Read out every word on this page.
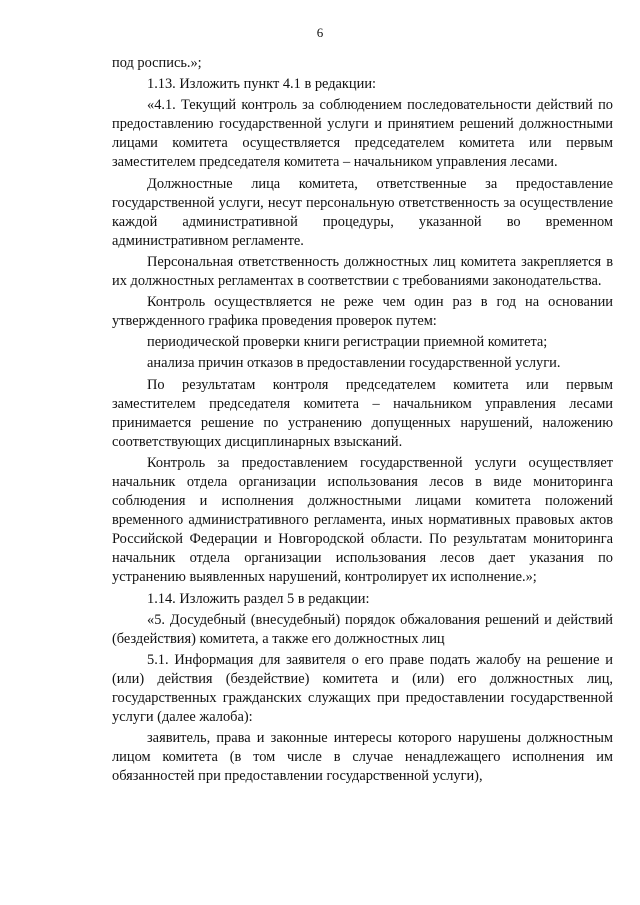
6

под роспись.»;

1.13. Изложить пункт 4.1 в редакции:

«4.1. Текущий контроль за соблюдением последовательности действий по предоставлению государственной услуги и принятием решений должностными лицами комитета осуществляется председателем комитета или первым заместителем председателя комитета – начальником управления лесами.

Должностные лица комитета, ответственные за предоставление государственной услуги, несут персональную ответственность за осуществление каждой административной процедуры, указанной во временном административном регламенте.

Персональная ответственность должностных лиц комитета закрепляется в их должностных регламентах в соответствии с требованиями законодательства.

Контроль осуществляется не реже чем один раз в год на основании утвержденного графика проведения проверок путем:

периодической проверки книги регистрации приемной комитета;

анализа причин отказов в предоставлении государственной услуги.

По результатам контроля председателем комитета или первым заместителем председателя комитета – начальником управления лесами принимается решение по устранению допущенных нарушений, наложению соответствующих дисциплинарных взысканий.

Контроль за предоставлением государственной услуги осуществляет начальник отдела организации использования лесов в виде мониторинга соблюдения и исполнения должностными лицами комитета положений временного административного регламента, иных нормативных правовых актов Российской Федерации и Новгородской области. По результатам мониторинга начальник отдела организации использования лесов дает указания по устранению выявленных нарушений, контролирует их исполнение.»;

1.14. Изложить раздел 5 в редакции:

«5. Досудебный (внесудебный) порядок обжалования решений и действий (бездействия) комитета, а также его должностных лиц

5.1. Информация для заявителя о его праве подать жалобу на решение и (или) действия (бездействие) комитета и (или) его должностных лиц, государственных гражданских служащих при предоставлении государственной услуги (далее жалоба):

заявитель, права и законные интересы которого нарушены должностным лицом комитета (в том числе в случае ненадлежащего исполнения им обязанностей при предоставлении государственной услуги),
